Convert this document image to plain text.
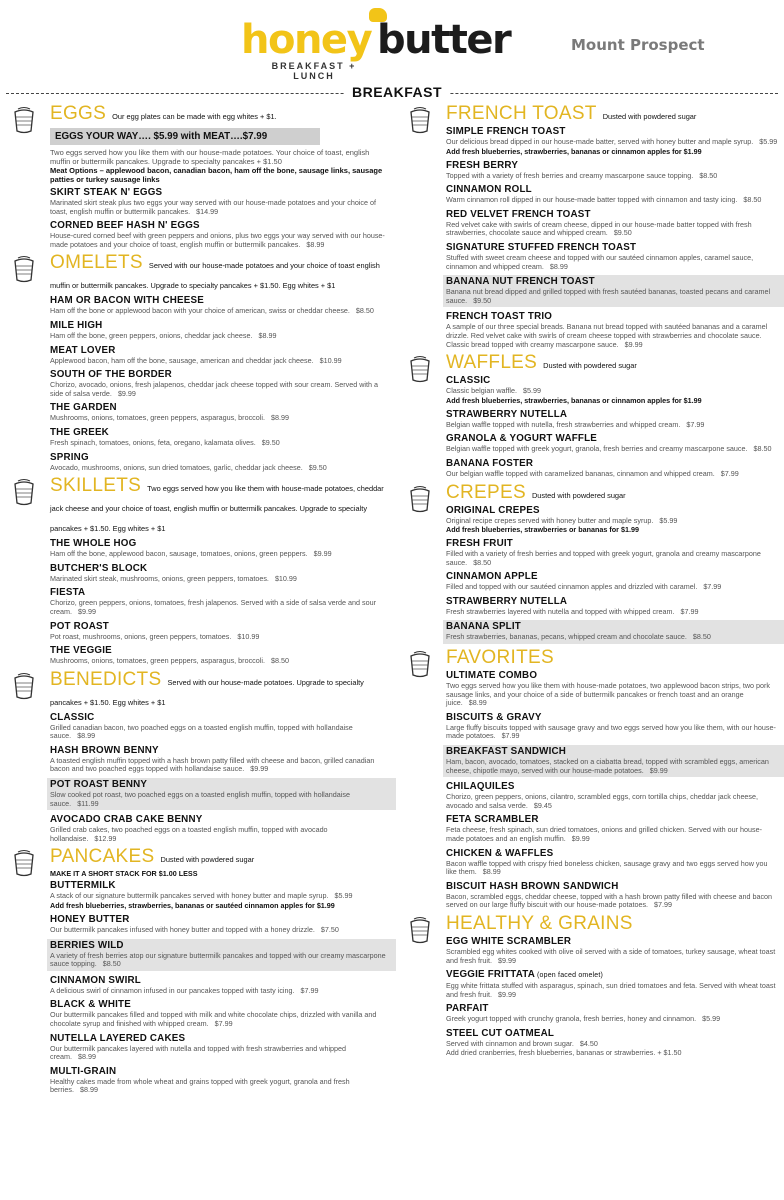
honey butter
BREAKFAST + LUNCH
Mount Prospect
BREAKFAST
EGGS Our egg plates can be made with egg whites + $1.
EGGS YOUR WAY…. $5.99 with MEAT….$7.99
Two eggs served how you like them with our house-made potatoes. Your choice of toast, english muffin or buttermilk pancakes. Upgrade to specialty pancakes + $1.50
Meat Options – applewood bacon, canadian bacon, ham off the bone, sausage links, sausage patties or turkey sausage links
SKIRT STEAK N' EGGS
Marinated skirt steak plus two eggs your way served with our house-made potatoes and your choice of toast, english muffin or buttermilk pancakes. $14.99
CORNED BEEF HASH N' EGGS
House-cured corned beef with green peppers and onions, plus two eggs your way served with our house-made potatoes and your choice of toast, english muffin or buttermilk pancakes. $8.99
OMELETS Served with our house-made potatoes and your choice of toast english muffin or buttermilk pancakes. Upgrade to specialty pancakes + $1.50. Egg whites + $1
HAM OR BACON WITH CHEESE
Ham off the bone or applewood bacon with your choice of american, swiss or cheddar cheese. $8.50
MILE HIGH
Ham off the bone, green peppers, onions, cheddar jack cheese. $8.99
MEAT LOVER
Applewood bacon, ham off the bone, sausage, american and cheddar jack cheese. $10.99
SOUTH OF THE BORDER
Chorizo, avocado, onions, fresh jalapenos, cheddar jack cheese topped with sour cream. Served with a side of salsa verde. $9.99
THE GARDEN
Mushrooms, onions, tomatoes, green peppers, asparagus, broccoli. $8.99
THE GREEK
Fresh spinach, tomatoes, onions, feta, oregano, kalamata olives. $9.50
SPRING
Avocado, mushrooms, onions, sun dried tomatoes, garlic, cheddar jack cheese. $9.50
SKILLETS Two eggs served how you like them with house-made potatoes, cheddar jack cheese and your choice of toast, english muffin or buttermilk pancakes. Upgrade to specialty pancakes + $1.50. Egg whites + $1
THE WHOLE HOG
Ham off the bone, applewood bacon, sausage, tomatoes, onions, green peppers. $9.99
BUTCHER'S BLOCK
Marinated skirt steak, mushrooms, onions, green peppers, tomatoes. $10.99
FIESTA
Chorizo, green peppers, onions, tomatoes, fresh jalapenos. Served with a side of salsa verde and sour cream. $9.99
POT ROAST
Pot roast, mushrooms, onions, green peppers, tomatoes. $10.99
THE VEGGIE
Mushrooms, onions, tomatoes, green peppers, asparagus, broccoli. $8.50
BENEDICTS Served with our house-made potatoes. Upgrade to specialty pancakes + $1.50. Egg whites + $1
CLASSIC
Grilled canadian bacon, two poached eggs on a toasted english muffin, topped with hollandaise sauce. $8.99
HASH BROWN BENNY
A toasted english muffin topped with a hash brown patty filled with cheese and bacon, grilled canadian bacon and two poached eggs topped with hollandaise sauce. $9.99
POT ROAST BENNY
Slow cooked pot roast, two poached eggs on a toasted english muffin, topped with hollandaise sauce. $11.99
AVOCADO CRAB CAKE BENNY
Grilled crab cakes, two poached eggs on a toasted english muffin, topped with avocado hollandaise. $12.99
PANCAKES Dusted with powdered sugar
MAKE IT A SHORT STACK FOR $1.00 LESS
BUTTERMILK
A stack of our signature buttermilk pancakes served with honey butter and maple syrup. $5.99
Add fresh blueberries, strawberries, bananas or sautéed cinnamon apples for $1.99
HONEY BUTTER
Our buttermilk pancakes infused with honey butter and topped with a honey drizzle. $7.50
BERRIES WILD
A variety of fresh berries atop our signature buttermilk pancakes and topped with our creamy mascarpone sauce topping. $8.50
CINNAMON SWIRL
A delicious swirl of cinnamon infused in our pancakes topped with tasty icing. $7.99
BLACK & WHITE
Our buttermilk pancakes filled and topped with milk and white chocolate chips, drizzled with vanilla and chocolate syrup and finished with whipped cream. $7.99
NUTELLA LAYERED CAKES
Our buttermilk pancakes layered with nutella and topped with fresh strawberries and whipped cream. $8.99
MULTI-GRAIN
Healthy cakes made from whole wheat and grains topped with greek yogurt, granola and fresh berries. $8.99
FRENCH TOAST Dusted with powdered sugar
SIMPLE FRENCH TOAST
Our delicious bread dipped in our house-made batter, served with honey butter and maple syrup. $5.99
Add fresh blueberries, strawberries, bananas or cinnamon apples for $1.99
FRESH BERRY
Topped with a variety of fresh berries and creamy mascarpone sauce topping. $8.50
CINNAMON ROLL
Warm cinnamon roll dipped in our house-made batter topped with cinnamon and tasty icing. $8.50
RED VELVET FRENCH TOAST
Red velvet cake with swirls of cream cheese, dipped in our house-made batter topped with fresh strawberries, chocolate sauce and whipped cream. $9.50
SIGNATURE STUFFED FRENCH TOAST
Stuffed with sweet cream cheese and topped with our sautéed cinnamon apples, caramel sauce, cinnamon and whipped cream. $8.99
BANANA NUT FRENCH TOAST
Banana nut bread dipped and grilled topped with fresh sautéed bananas, toasted pecans and caramel sauce. $9.50
FRENCH TOAST TRIO
A sample of our three special breads. Banana nut bread topped with sautéed bananas and a caramel drizzle. Red velvet cake with swirls of cream cheese topped with strawberries and chocolate sauce. Classic bread topped with creamy mascarpone sauce. $9.99
WAFFLES Dusted with powdered sugar
CLASSIC
Classic belgian waffle. $5.99
Add fresh blueberries, strawberries, bananas or cinnamon apples for $1.99
STRAWBERRY NUTELLA
Belgian waffle topped with nutella, fresh strawberries and whipped cream. $7.99
GRANOLA & YOGURT WAFFLE
Belgian waffle topped with greek yogurt, granola, fresh berries and creamy mascarpone sauce. $8.50
BANANA FOSTER
Our belgian waffle topped with caramelized bananas, cinnamon and whipped cream. $7.99
CREPES Dusted with powdered sugar
ORIGINAL CREPES
Original recipe crepes served with honey butter and maple syrup. $5.99
Add fresh blueberries, strawberries or bananas for $1.99
FRESH FRUIT
Filled with a variety of fresh berries and topped with greek yogurt, granola and creamy mascarpone sauce. $8.50
CINNAMON APPLE
Filled and topped with our sautéed cinnamon apples and drizzled with caramel. $7.99
STRAWBERRY NUTELLA
Fresh strawberries layered with nutella and topped with whipped cream. $7.99
BANANA SPLIT
Fresh strawberries, bananas, pecans, whipped cream and chocolate sauce. $8.50
FAVORITES
ULTIMATE COMBO
Two eggs served how you like them with house-made potatoes, two applewood bacon strips, two pork sausage links, and your choice of a side of buttermilk pancakes or french toast and an orange juice. $8.99
BISCUITS & GRAVY
Large fluffy biscuits topped with sausage gravy and two eggs served how you like them, with our house-made potatoes. $7.99
BREAKFAST SANDWICH
Ham, bacon, avocado, tomatoes, stacked on a ciabatta bread, topped with scrambled eggs, american cheese, chipotle mayo, served with our house-made potatoes. $9.99
CHILAQUILES
Chorizo, green peppers, onions, cilantro, scrambled eggs, corn tortilla chips, cheddar jack cheese, avocado and salsa verde. $9.45
FETA SCRAMBLER
Feta cheese, fresh spinach, sun dried tomatoes, onions and grilled chicken. Served with our house-made potatoes and an english muffin. $9.99
CHICKEN & WAFFLES
Bacon waffle topped with crispy fried boneless chicken, sausage gravy and two eggs served how you like them. $8.99
BISCUIT HASH BROWN SANDWICH
Bacon, scrambled eggs, cheddar cheese, topped with a hash brown patty filled with cheese and bacon served on our large fluffy biscuit with our house-made potatoes. $7.99
HEALTHY & GRAINS
EGG WHITE SCRAMBLER
Scrambled egg whites cooked with olive oil served with a side of tomatoes, turkey sausage, wheat toast and fresh fruit. $9.99
VEGGIE FRITTATA (open faced omelet)
Egg white frittata stuffed with asparagus, spinach, sun dried tomatoes and feta. Served with wheat toast and fresh fruit. $9.99
PARFAIT
Greek yogurt topped with crunchy granola, fresh berries, honey and cinnamon. $5.99
STEEL CUT OATMEAL
Served with cinnamon and brown sugar. $4.50
Add dried cranberries, fresh blueberries, bananas or strawberries. + $1.50
